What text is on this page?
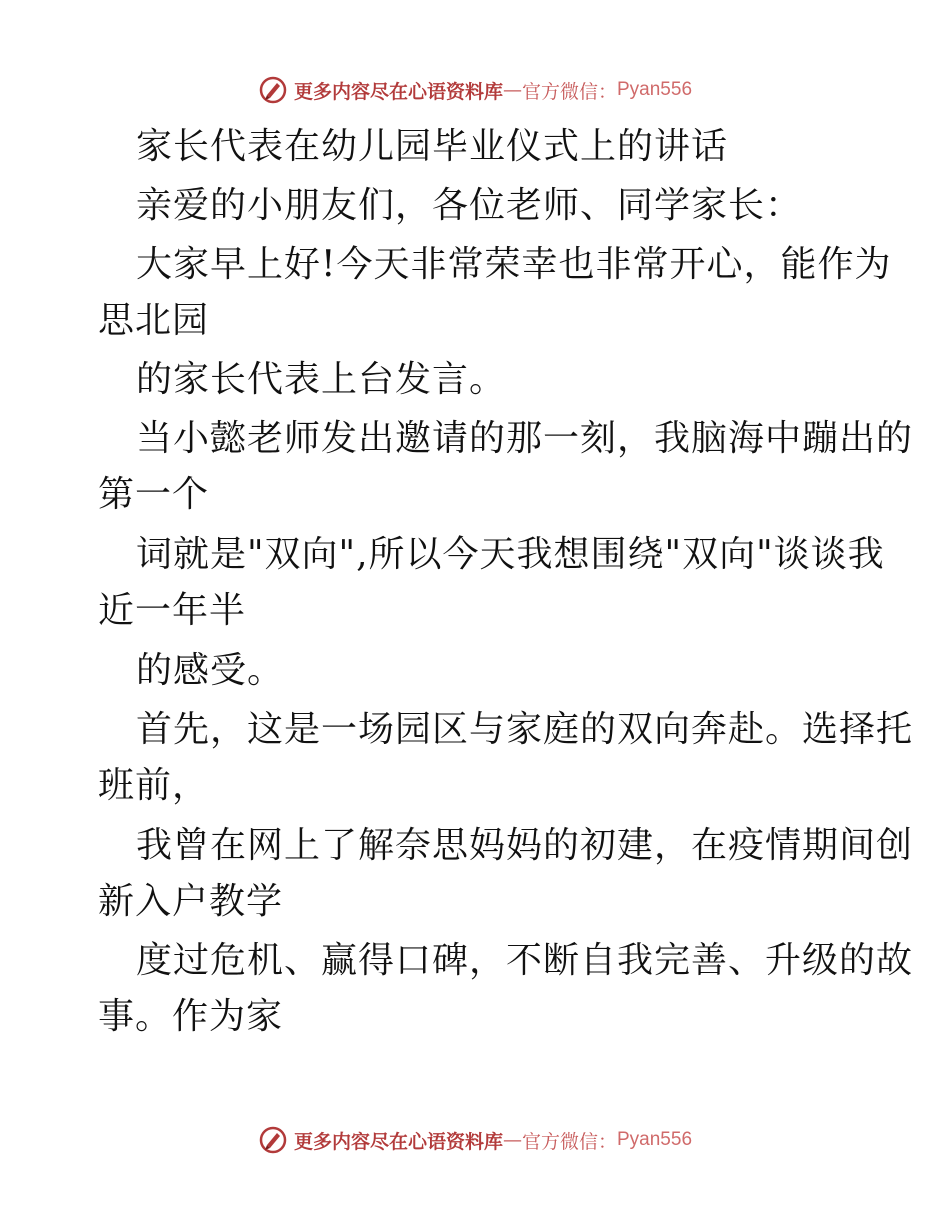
更多内容尽在心语资料库 — 官方微信： Pyan556
家长代表在幼儿园毕业仪式上的讲话
亲爱的小朋友们，各位老师、同学家长：
大家早上好!今天非常荣幸也非常开心，能作为
思北园
的家长代表上台发言。
当小懿老师发出邀请的那一刻，我脑海中蹦出的
第一个
词就是"双向",所以今天我想围绕"双向"谈谈我
近一年半
的感受。
首先，这是一场园区与家庭的双向奔赴。选择托
班前，
我曾在网上了解奈思妈妈的初建，在疫情期间创
新入户教学
度过危机、赢得口碑，不断自我完善、升级的故
事。作为家
更多内容尽在心语资料库 — 官方微信： Pyan556
